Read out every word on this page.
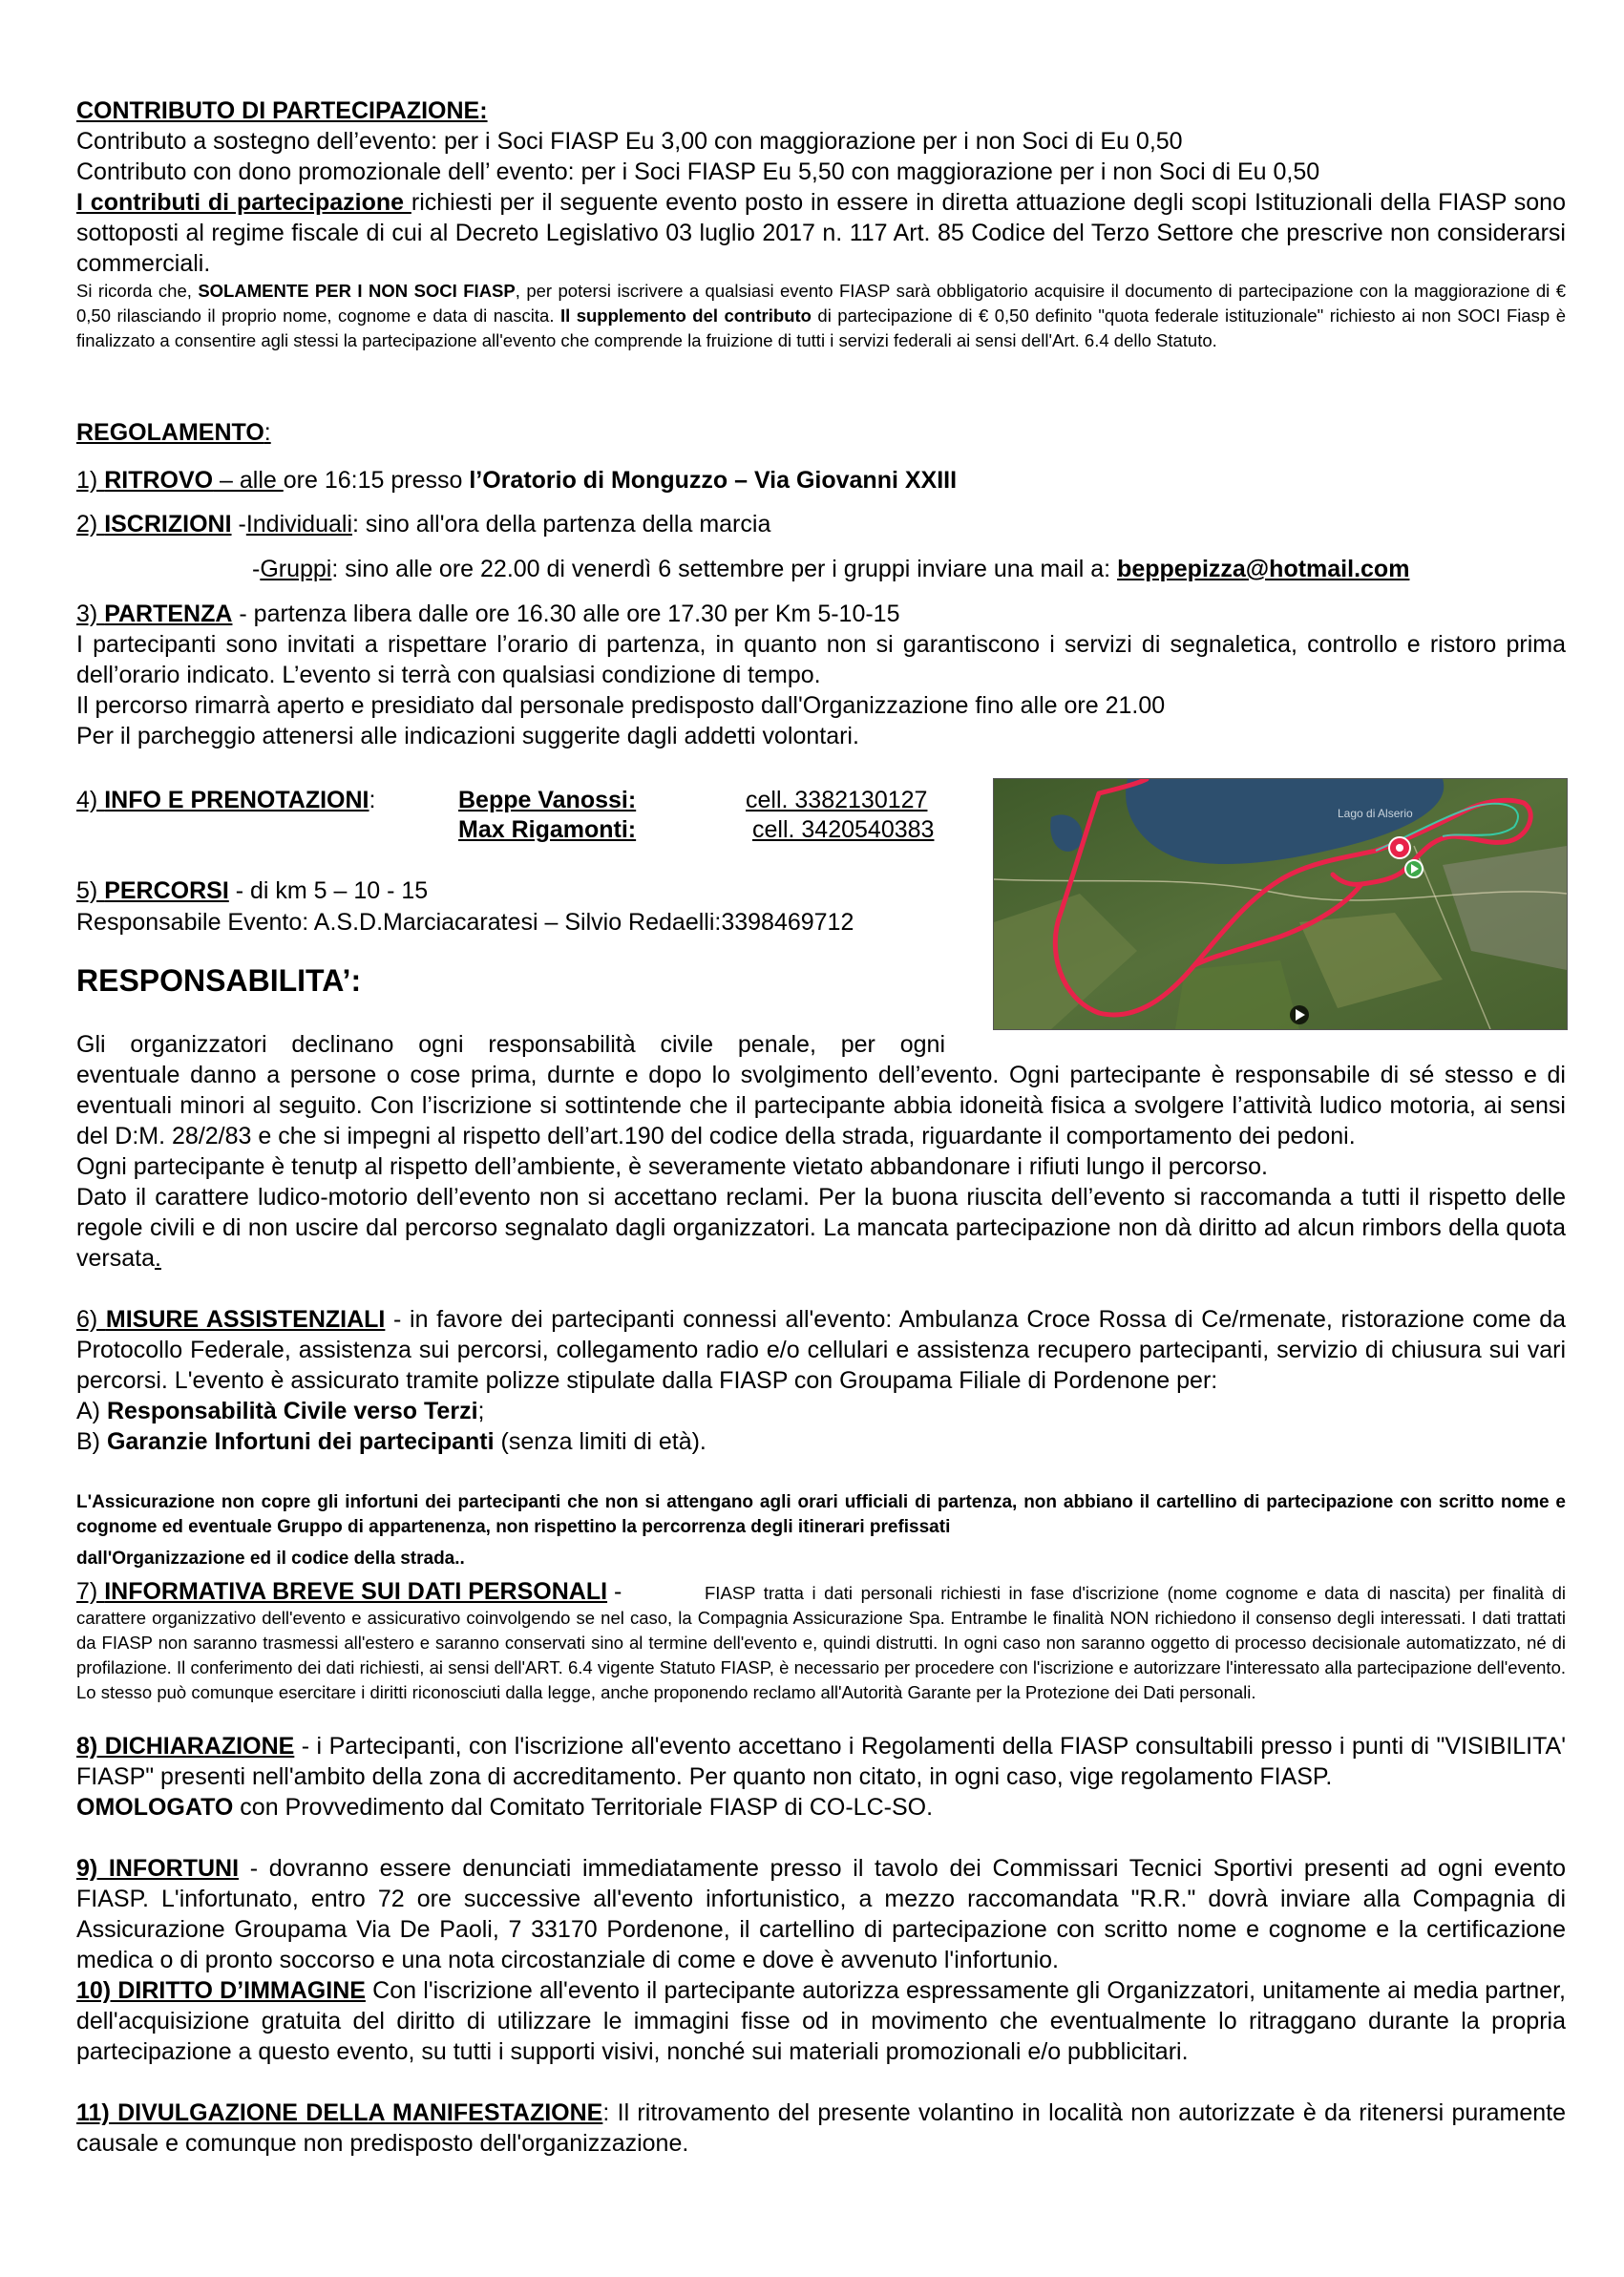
CONTRIBUTO DI PARTECIPAZIONE:

Contributo a sostegno dell’evento: per i Soci FIASP Eu 3,00 con maggiorazione per i non Soci di Eu 0,50

Contributo con dono promozionale dell’ evento: per i Soci FIASP Eu 5,50 con maggiorazione per i non Soci di Eu 0,50

I contributi di partecipazione richiesti per il seguente evento posto in essere in diretta attuazione degli scopi Istituzionali della FIASP sono sottoposti al regime fiscale di cui al Decreto Legislativo 03 luglio 2017 n. 117 Art. 85 Codice del Terzo Settore che prescrive non considerarsi commerciali.

Si ricorda che, SOLAMENTE PER I NON SOCI FIASP, per potersi iscrivere a qualsiasi evento FIASP sarà obbligatorio acquisire il documento di partecipazione con la maggiorazione di € 0,50 rilasciando il proprio nome, cognome e data di nascita. Il supplemento del contributo di partecipazione di € 0,50 definito "quota federale istituzionale" richiesto ai non SOCI Fiasp è finalizzato a consentire agli stessi la partecipazione all'evento che comprende la fruizione di tutti i servizi federali ai sensi dell'Art. 6.4 dello Statuto.
REGOLAMENTO:
1) RITROVO – alle ore 16:15 presso l’Oratorio di Monguzzo – Via Giovanni XXIII
2) ISCRIZIONI -Individuali: sino all'ora della partenza della marcia
-Gruppi: sino alle ore 22.00 di venerdì 6 settembre per i gruppi inviare una mail a: beppepizza@hotmail.com

3) PARTENZA - partenza libera dalle ore 16.30 alle ore 17.30 per Km 5-10-15

I partecipanti sono invitati a rispettare l’orario di partenza, in quanto non si garantiscono i servizi di segnaletica, controllo e ristoro prima dell’orario indicato. L’evento si terrà con qualsiasi condizione di tempo.

Il percorso rimarrà aperto e presidiato dal personale predisposto dall'Organizzazione fino alle ore 21.00

Per il parcheggio attenersi alle indicazioni suggerite dagli addetti volontari.

4) INFO E PRENOTAZIONI:	Beppe Vanossi:	cell. 3382130127
Max Rigamonti:	cell. 3420540383
5) PERCORSI - di km 5 – 10 - 15
Responsabile Evento: A.S.D.Marciacaratesi – Silvio Redaelli:3398469712
Lago di Alserio
RESPONSABILITA’:
Gli organizzatori declinano ogni responsabilità civile penale, per ogni

eventuale danno a persone o cose prima, durnte e dopo lo svolgimento dell’evento. Ogni partecipante è responsabile di sé stesso e di eventuali minori al seguito. Con l’iscrizione si sottintende che il partecipante abbia idoneità fisica a svolgere l’attività ludico motoria, ai sensi del D:M. 28/2/83 e che si impegni al rispetto dell’art.190 del codice della strada, riguardante il comportamento dei pedoni.

Ogni partecipante è tenutp al rispetto dell’ambiente, è severamente vietato abbandonare i rifiuti lungo il percorso.

Dato il carattere ludico-motorio dell’evento non si accettano reclami. Per la buona riuscita dell’evento si raccomanda a tutti il rispetto delle regole civili e di non uscire dal percorso segnalato dagli organizzatori. La mancata partecipazione non dà diritto ad alcun rimbors della quota versata.

6) MISURE ASSISTENZIALI - in favore dei partecipanti connessi all'evento: Ambulanza Croce Rossa di Ce/rmenate, ristorazione come da Protocollo Federale, assistenza sui percorsi, collegamento radio e/o cellulari e assistenza recupero partecipanti, servizio di chiusura sui vari percorsi. L'evento è assicurato tramite polizze stipulate dalla FIASP con Groupama Filiale di Pordenone per:

A) Responsabilità Civile verso Terzi;

B) Garanzie Infortuni dei partecipanti (senza limiti di età).

L'Assicurazione non copre gli infortuni dei partecipanti che non si attengano agli orari ufficiali di partenza, non abbiano il cartellino di partecipazione con scritto nome e cognome ed eventuale Gruppo di appartenenza, non rispettino la percorrenza degli itinerari prefissati
dall'Organizzazione ed il codice della strada..
7) INFORMATIVA BREVE SUI DATI PERSONALI -	FIASP tratta i dati personali richiesti in fase d'iscrizione (nome cognome e data di nascita) per finalità di carattere organizzativo dell'evento e assicurativo coinvolgendo se nel caso, la Compagnia Assicurazione Spa. Entrambe le finalità NON richiedono il consenso degli interessati. I dati trattati da FIASP non saranno trasmessi all'estero e saranno conservati sino al termine dell'evento e, quindi distrutti. In ogni caso non saranno oggetto di processo decisionale automatizzato, né di profilazione. Il conferimento dei dati richiesti, ai sensi dell'ART. 6.4 vigente Statuto FIASP, è necessario per procedere con l'iscrizione e autorizzare l'interessato alla partecipazione dell'evento. Lo stesso può comunque esercitare i diritti riconosciuti dalla legge, anche proponendo reclamo all'Autorità Garante per la Protezione dei Dati personali.

8) DICHIARAZIONE - i Partecipanti, con l'iscrizione all'evento accettano i Regolamenti della FIASP consultabili presso i punti di "VISIBILITA' FIASP" presenti nell'ambito della zona di accreditamento. Per quanto non citato, in ogni caso, vige regolamento FIASP.

OMOLOGATO con Provvedimento dal Comitato Territoriale FIASP di CO-LC-SO.

9) INFORTUNI - dovranno essere denunciati immediatamente presso il tavolo dei Commissari Tecnici Sportivi presenti ad ogni evento FIASP. L'infortunato, entro 72 ore successive all'evento infortunistico, a mezzo raccomandata "R.R." dovrà inviare alla Compagnia di Assicurazione Groupama Via De Paoli, 7 33170 Pordenone, il cartellino di partecipazione con scritto nome e cognome e la certificazione medica o di pronto soccorso e una nota circostanziale di come e dove è avvenuto l'infortunio.
10) DIRITTO D’IMMAGINE Con l'iscrizione all'evento il partecipante autorizza espressamente gli Organizzatori, unitamente ai media partner, dell'acquisizione gratuita del diritto di utilizzare le immagini fisse od in movimento che eventualmente lo ritraggano durante la propria partecipazione a questo evento, su tutti i supporti visivi, nonché sui materiali promozionali e/o pubblicitari.
11) DIVULGAZIONE DELLA MANIFESTAZIONE: Il ritrovamento del presente volantino in località non autorizzate è da ritenersi puramente causale e comunque non predisposto dell'organizzazione.
